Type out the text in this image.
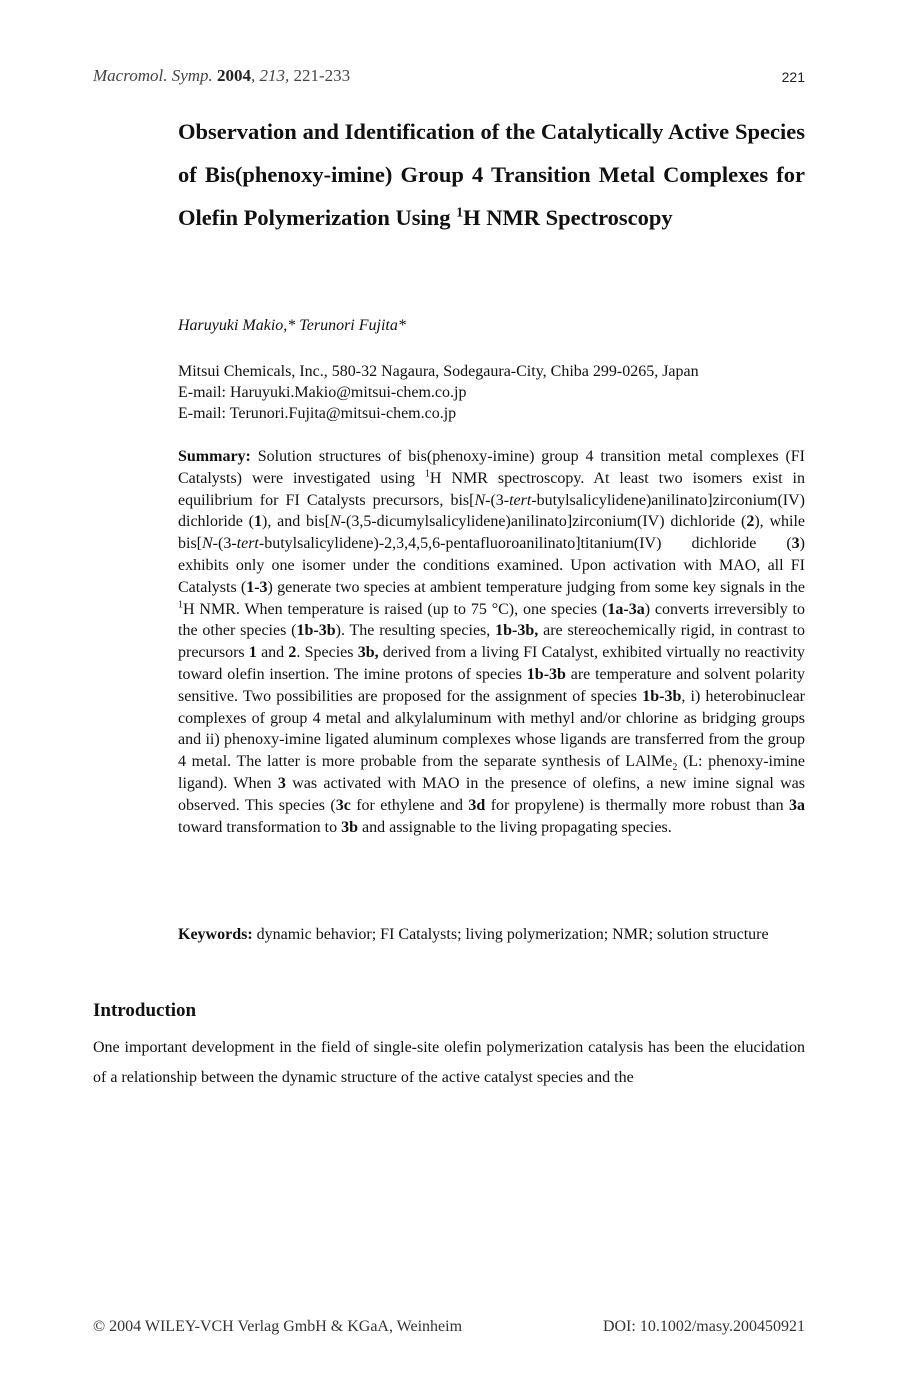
Macromol. Symp. 2004, 213, 221-233	221
Observation and Identification of the Catalytically Active Species of Bis(phenoxy-imine) Group 4 Transition Metal Complexes for Olefin Polymerization Using $^1$H NMR Spectroscopy

Haruyuki Makio,* Terunori Fujita*

Mitsui Chemicals, Inc., 580-32 Nagaura, Sodegaura-City, Chiba 299-0265, Japan
E-mail: Haruyuki.Makio@mitsui-chem.co.jp
E-mail: Terunori.Fujita@mitsui-chem.co.jp

Summary: Solution structures of bis(phenoxy-imine) group 4 transition metal complexes (FI Catalysts) were investigated using $^1$H NMR spectroscopy. At least two isomers exist in equilibrium for FI Catalysts precursors, bis[N-(3-tert-butylsalicylidene)anilinato]zirconium(IV) dichloride (1), and bis[N-(3,5-dicumylsalicylidene)anilinato]zirconium(IV) dichloride (2), while bis[N-(3-tert-butylsalicylidene)-2,3,4,5,6-pentafluoroanilinato]titanium(IV) dichloride (3) exhibits only one isomer under the conditions examined. Upon activation with MAO, all FI Catalysts (1-3) generate two species at ambient temperature judging from some key signals in the $^1$H NMR. When temperature is raised (up to 75 °C), one species (1a-3a) converts irreversibly to the other species (1b-3b). The resulting species, 1b-3b, are stereochemically rigid, in contrast to precursors 1 and 2. Species 3b, derived from a living FI Catalyst, exhibited virtually no reactivity toward olefin insertion. The imine protons of species 1b-3b are temperature and solvent polarity sensitive. Two possibilities are proposed for the assignment of species 1b-3b, i) heterobinuclear complexes of group 4 metal and alkylaluminum with methyl and/or chlorine as bridging groups and ii) phenoxy-imine ligated aluminum complexes whose ligands are transferred from the group 4 metal. The latter is more probable from the separate synthesis of LAlMe$_2$ (L: phenoxy-imine ligand). When 3 was activated with MAO in the presence of olefins, a new imine signal was observed. This species (3c for ethylene and 3d for propylene) is thermally more robust than 3a toward transformation to 3b and assignable to the living propagating species.

Keywords: dynamic behavior; FI Catalysts; living polymerization; NMR; solution structure

Introduction

One important development in the field of single-site olefin polymerization catalysis has been the elucidation of a relationship between the dynamic structure of the active catalyst species and the

© 2004 WILEY-VCH Verlag GmbH & KGaA, Weinheim	DOI: 10.1002/masy.200450921
